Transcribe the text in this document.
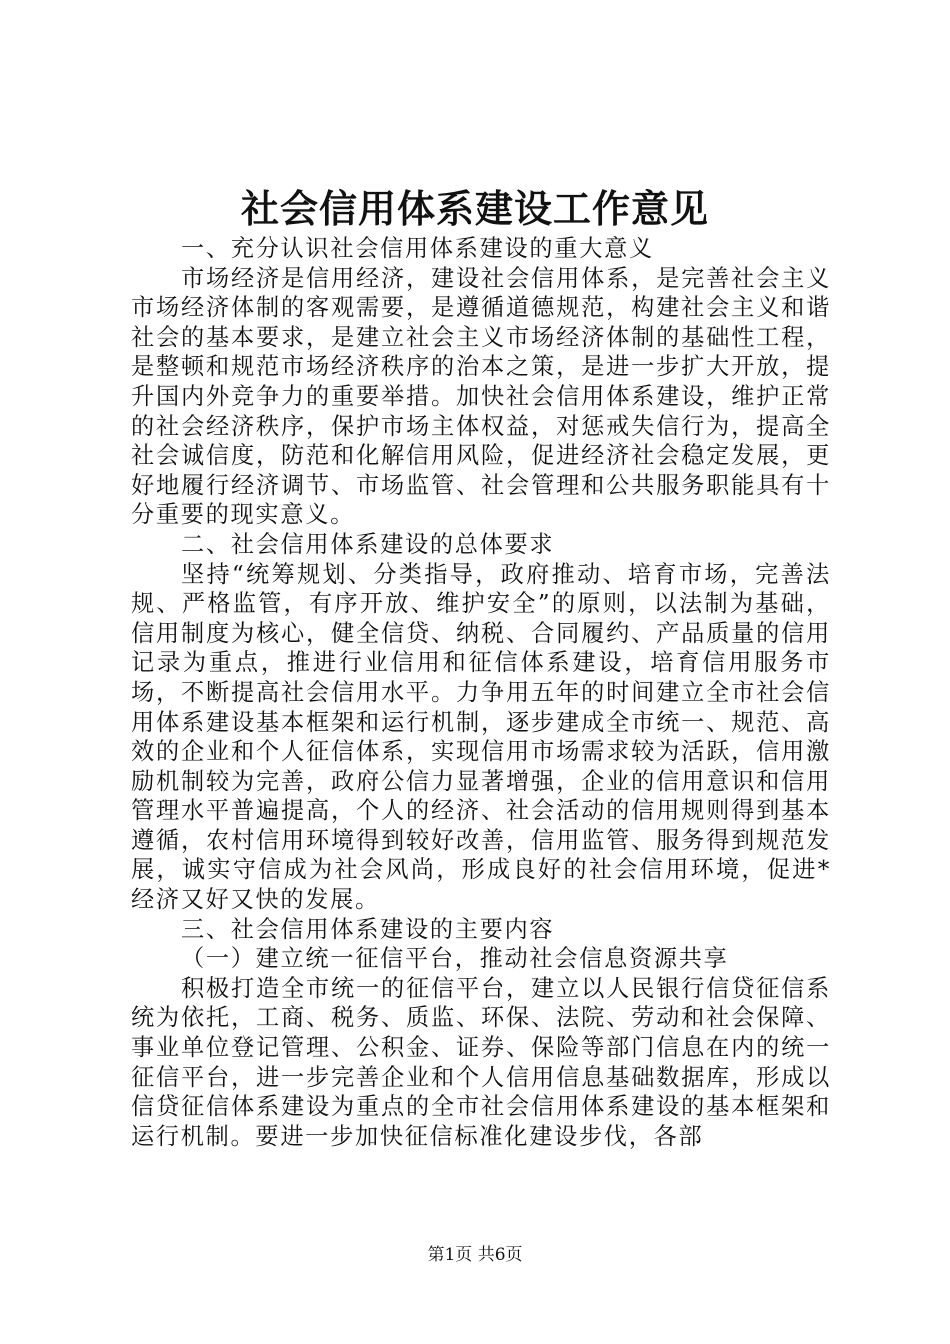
社会信用体系建设工作意见

一、充分认识社会信用体系建设的重大意义

市场经济是信用经济，建设社会信用体系，是完善社会主义市场经济体制的客观需要，是遵循道德规范，构建社会主义和谐社会的基本要求，是建立社会主义市场经济体制的基础性工程，是整顿和规范市场经济秩序的治本之策，是进一步扩大开放，提升国内外竞争力的重要举措。加快社会信用体系建设，维护正常的社会经济秩序，保护市场主体权益，对惩戒失信行为，提高全社会诚信度，防范和化解信用风险，促进经济社会稳定发展，更好地履行经济调节、市场监管、社会管理和公共服务职能具有十分重要的现实意义。

二、社会信用体系建设的总体要求

坚持“统筹规划、分类指导，政府推动、培育市场，完善法规、严格监管，有序开放、维护安全”的原则，以法制为基础，信用制度为核心，健全信贷、纳税、合同履约、产品质量的信用记录为重点，推进行业信用和征信体系建设，培育信用服务市场，不断提高社会信用水平。力争用五年的时间建立全市社会信用体系建设基本框架和运行机制，逐步建成全市统一、规范、高效的企业和个人征信体系，实现信用市场需求较为活跃，信用激励机制较为完善，政府公信力显著增强，企业的信用意识和信用管理水平普遍提高，个人的经济、社会活动的信用规则得到基本遵循，农村信用环境得到较好改善，信用监管、服务得到规范发展，诚实守信成为社会风尚，形成良好的社会信用环境，促进*经济又好又快的发展。

三、社会信用体系建设的主要内容

（一）建立统一征信平台，推动社会信息资源共享

积极打造全市统一的征信平台，建立以人民银行信贷征信系统为依托，工商、税务、质监、环保、法院、劳动和社会保障、事业单位登记管理、公积金、证券、保险等部门信息在内的统一征信平台，进一步完善企业和个人信用信息基础数据库，形成以信贷征信体系建设为重点的全市社会信用体系建设的基本框架和运行机制。要进一步加快征信标准化建设步伐，各部

第1页 共6页
